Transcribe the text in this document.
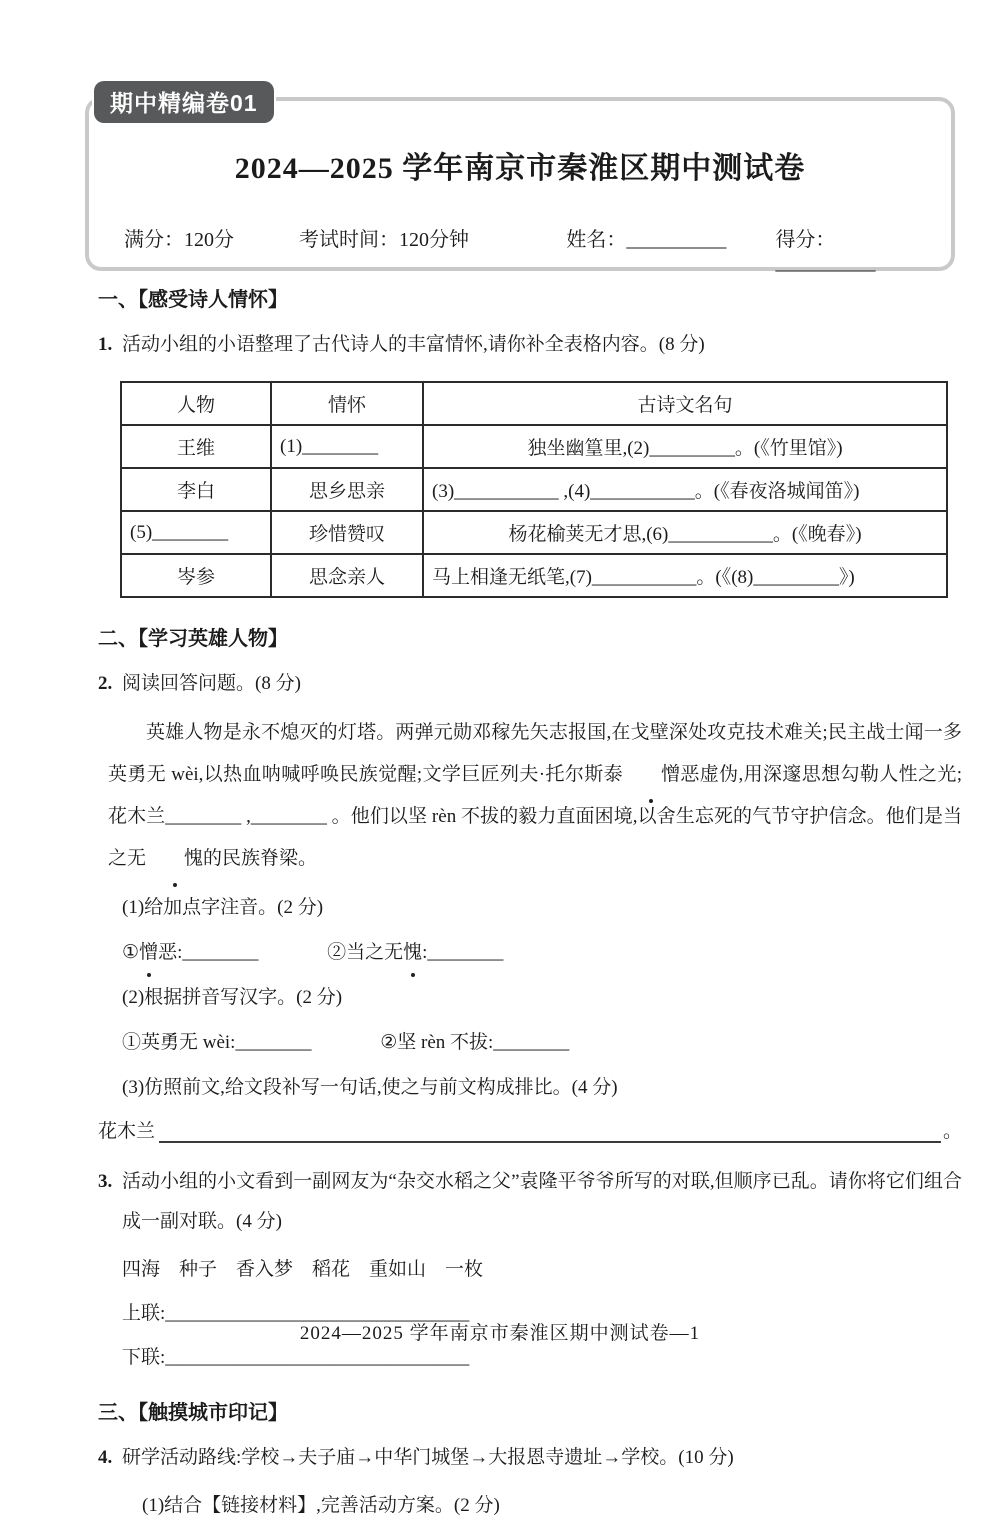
2024—2025 学年南京市秦淮区期中测试卷
满分：120分	考试时间：120分钟	姓名：__________	得分：__________
期中精编卷01
一、【感受诗人情怀】
1. 活动小组的小语整理了古代诗人的丰富情怀,请你补全表格内容。(8 分)
人物	情怀	古诗文名句
王维	(1)________	独坐幽篁里,(2)_________。(《竹里馆》)
李白	思乡思亲	(3)___________ ,(4)___________。(《春夜洛城闻笛》)
(5)________	珍惜赞叹	杨花榆荚无才思,(6)___________。(《晚春》)
岑参	思念亲人	马上相逢无纸笔,(7)___________。(《(8)_________》)
二、【学习英雄人物】
2. 阅读回答问题。(8 分)
英雄人物是永不熄灭的灯塔。两弹元勋邓稼先矢志报国,在戈壁深处攻克技术难关;民主战士闻一多英勇无 wèi,以热血呐喊呼唤民族觉醒;文学巨匠列夫·托尔斯泰 憎恶虚伪,用深邃思想勾勒人性之光;花木兰________ ,________ 。他们以坚 rèn 不拔的毅力直面困境,以舍生忘死的气节守护信念。他们是当之无 愧的民族脊梁。
(1)给加点字注音。(2 分)
①憎恶:________	②当之无愧:________
(2)根据拼音写汉字。(2 分)
①英勇无 wèi:________	②坚 rèn 不拔:________
(3)仿照前文,给文段补写一句话,使之与前文构成排比。(4 分)
花木兰	。
3. 活动小组的小文看到一副网友为“杂交水稻之父”袁隆平爷爷所写的对联,但顺序已乱。请你将它们组合成一副对联。(4 分)
四海　种子　香入梦　稻花　重如山　一枚
上联:________________________________
下联:________________________________
三、【触摸城市印记】
4. 研学活动路线:学校→夫子庙→中华门城堡→大报恩寺遗址→学校。(10 分)
(1)结合【链接材料】,完善活动方案。(2 分)
2024—2025 学年南京市秦淮区期中测试卷—1
